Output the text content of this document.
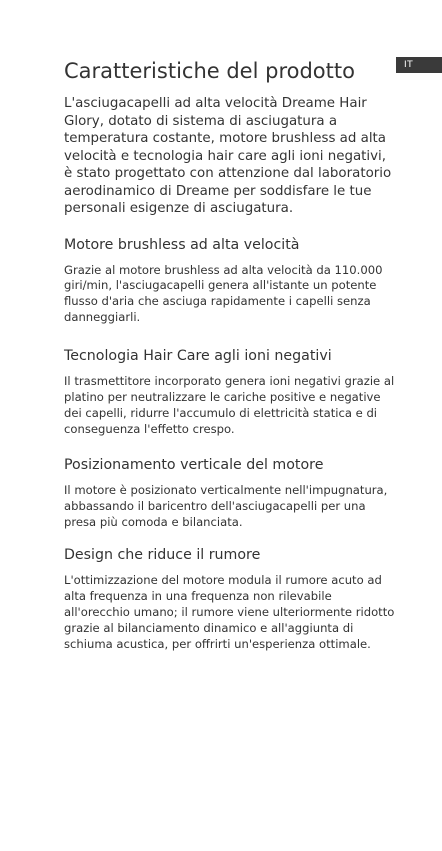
IT
Caratteristiche del prodotto

L'asciugacapelli ad alta velocità Dreame Hair Glory, dotato di sistema di asciugatura a temperatura costante, motore brushless ad alta velocità e tecnologia hair care agli ioni negativi, è stato progettato con attenzione dal laboratorio aerodinamico di Dreame per soddisfare le tue personali esigenze di asciugatura.

Motore brushless ad alta velocità

Grazie al motore brushless ad alta velocità da 110.000 giri/min, l'asciugacapelli genera all'istante un potente flusso d'aria che asciuga rapidamente i capelli senza danneggiarli.

Tecnologia Hair Care agli ioni negativi

Il trasmettitore incorporato genera ioni negativi grazie al platino per neutralizzare le cariche positive e negative dei capelli, ridurre l'accumulo di elettricità statica e di conseguenza l'effetto crespo.

Posizionamento verticale del motore

Il motore è posizionato verticalmente nell'impugnatura, abbassando il baricentro dell'asciugacapelli per una presa più comoda e bilanciata.

Design che riduce il rumore

L'ottimizzazione del motore modula il rumore acuto ad alta frequenza in una frequenza non rilevabile all'orecchio umano; il rumore viene ulteriormente ridotto grazie al bilanciamento dinamico e all'aggiunta di schiuma acustica, per offrirti un'esperienza ottimale.
